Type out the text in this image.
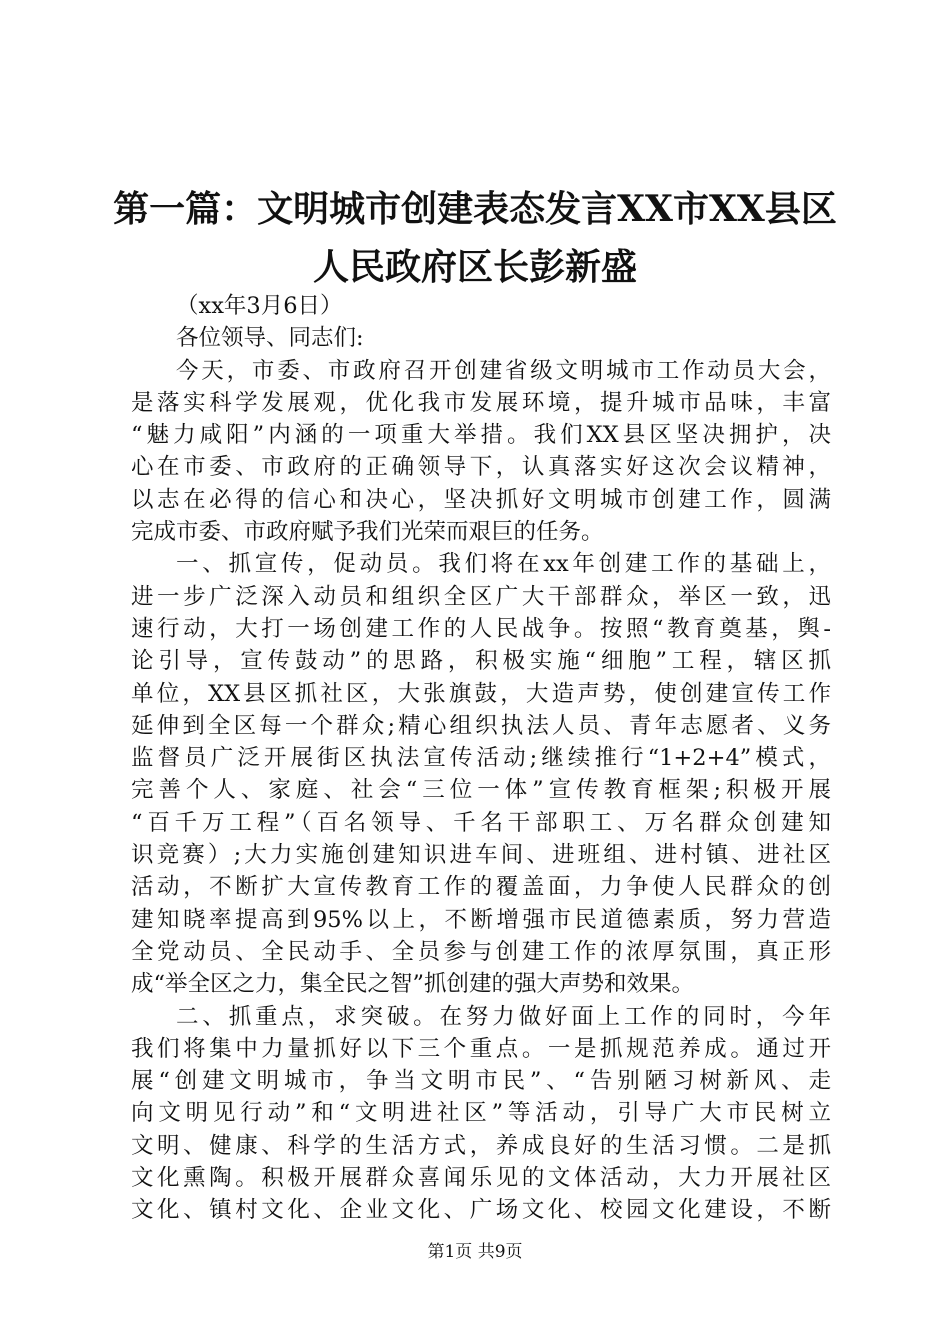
第一篇：文明城市创建表态发言XX市XX县区
人民政府区长彭新盛
（xx年3月6日）
各位领导、同志们:
今天，市委、市政府召开创建省级文明城市工作动员大会，
是落实科学发展观，优化我市发展环境，提升城市品味，丰富
“魅力咸阳”内涵的一项重大举措。我们XX县区坚决拥护，决
心在市委、市政府的正确领导下，认真落实好这次会议精神，
以志在必得的信心和决心，坚决抓好文明城市创建工作，圆满
完成市委、市政府赋予我们光荣而艰巨的任务。
一、抓宣传，促动员。我们将在xx年创建工作的基础上，
进一步广泛深入动员和组织全区广大干部群众，举区一致，迅
速行动，大打一场创建工作的人民战争。按照“教育奠基，舆-
论引导，宣传鼓动”的思路，积极实施“细胞”工程，辖区抓
单位，XX县区抓社区，大张旗鼓，大造声势，使创建宣传工作
延伸到全区每一个群众;精心组织执法人员、青年志愿者、义务
监督员广泛开展街区执法宣传活动;继续推行“1+2+4”模式，
完善个人、家庭、社会“三位一体”宣传教育框架;积极开展
“百千万工程”（百名领导、千名干部职工、万名群众创建知
识竞赛）;大力实施创建知识进车间、进班组、进村镇、进社区
活动，不断扩大宣传教育工作的覆盖面，力争使人民群众的创
建知晓率提高到95%以上，不断增强市民道德素质，努力营造
全党动员、全民动手、全员参与创建工作的浓厚氛围，真正形
成“举全区之力，集全民之智”抓创建的强大声势和效果。
二、抓重点，求突破。在努力做好面上工作的同时，今年
我们将集中力量抓好以下三个重点。一是抓规范养成。通过开
展“创建文明城市，争当文明市民”、“告别陋习树新风、走
向文明见行动”和“文明进社区”等活动，引导广大市民树立
文明、健康、科学的生活方式，养成良好的生活习惯。二是抓
文化熏陶。积极开展群众喜闻乐见的文体活动，大力开展社区
文化、镇村文化、企业文化、广场文化、校园文化建设，不断
第1页 共9页
